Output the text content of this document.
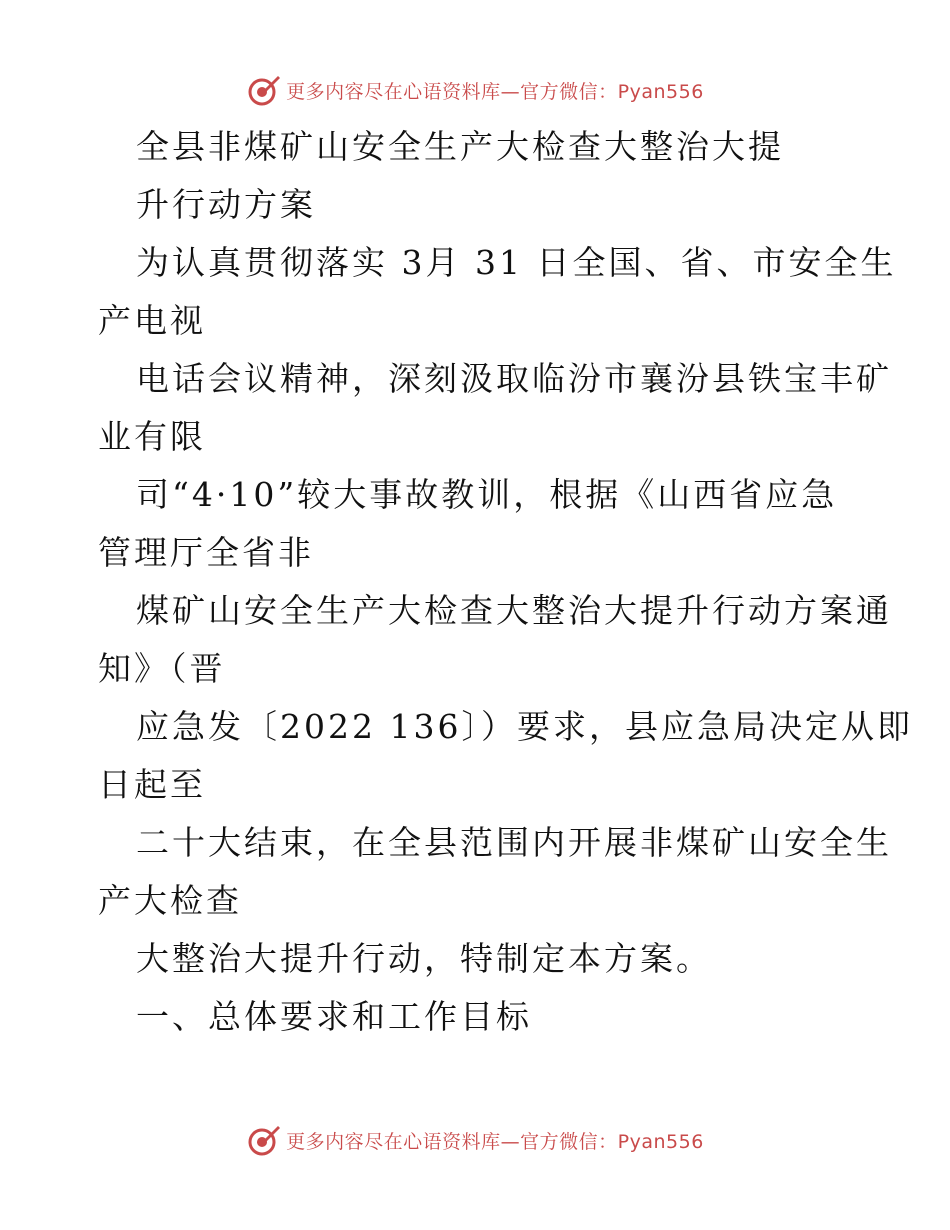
更多内容尽在心语资料库—官方微信：Pyan556
全县非煤矿山安全生产大检查大整治大提
升行动方案
为认真贯彻落实 3月 31 日全国、省、市安全生
产电视
电话会议精神，深刻汲取临汾市襄汾县铁宝丰矿
业有限
司“4·10”较大事故教训，根据《山西省应急
管理厅全省非
煤矿山安全生产大检查大整治大提升行动方案通
知》（晋
应急发〔2022 136〕）要求，县应急局决定从即
日起至
二十大结束，在全县范围内开展非煤矿山安全生
产大检查
大整治大提升行动，特制定本方案。
一、总体要求和工作目标
更多内容尽在心语资料库—官方微信：Pyan556
